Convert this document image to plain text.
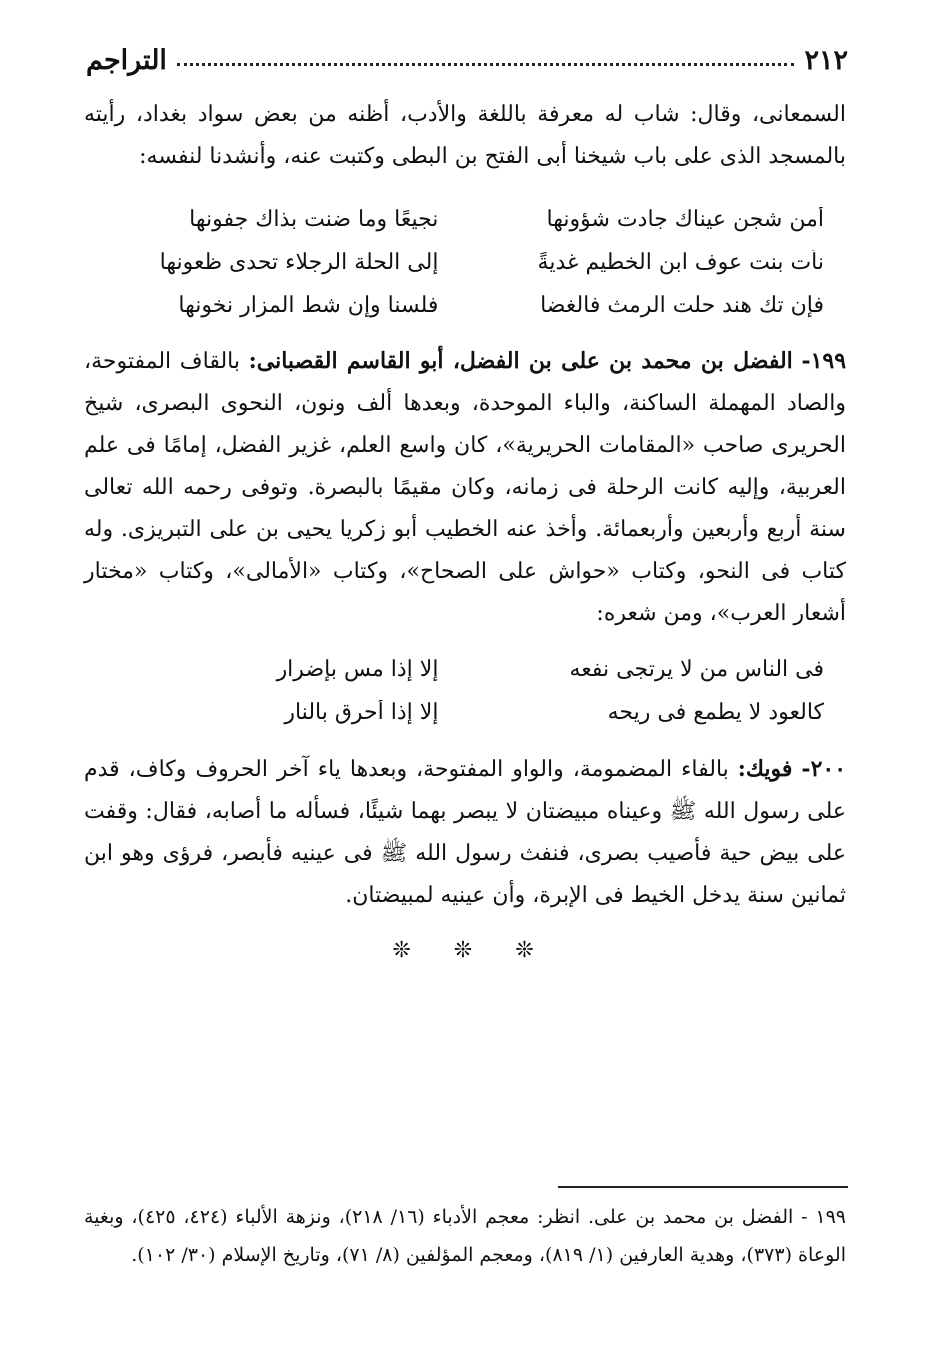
٢١٢
التراجم

السمعانى، وقال: شاب له معرفة باللغة والأدب، أظنه من بعض سواد بغداد، رأيته بالمسجد الذى على باب شيخنا أبى الفتح بن البطى وكتبت عنه، وأنشدنا لنفسه:

أمن شجن عيناك جادت شؤونها
نجيعًا وما ضنت بذاك جفونها
نأت بنت عوف ابن الخطيم غديةً
إلى الحلة الرجلاء تحدى ظعونها
فإن تك هند حلت الرمث فالغضا
فلسنا وإن شط المزار نخونها

١٩٩- الفضل بن محمد بن على بن الفضل، أبو القاسم القصبانى: بالقاف المفتوحة، والصاد المهملة الساكنة، والباء الموحدة، وبعدها ألف ونون، النحوى البصرى، شيخ الحريرى صاحب «المقامات الحريرية»، كان واسع العلم، غزير الفضل، إمامًا فى علم العربية، وإليه كانت الرحلة فى زمانه، وكان مقيمًا بالبصرة. وتوفى رحمه الله تعالى سنة أربع وأربعين وأربعمائة. وأخذ عنه الخطيب أبو زكريا يحيى بن على التبريزى. وله كتاب فى النحو، وكتاب «حواش على الصحاح»، وكتاب «الأمالى»، وكتاب «مختار أشعار العرب»، ومن شعره:

فى الناس من لا يرتجى نفعه
إلا إذا مس بإضرار
كالعود لا يطمع فى ريحه
إلا إذا أحرق بالنار

٢٠٠- فويك: بالفاء المضمومة، والواو المفتوحة، وبعدها ياء آخر الحروف وكاف، قدم على رسول الله ﷺ وعيناه مبيضتان لا يبصر بهما شيئًا، فسأله ما أصابه، فقال: وقفت على بيض حية فأصيب بصرى، فنفث رسول الله ﷺ فى عينيه فأبصر، فرؤى وهو ابن ثمانين سنة يدخل الخيط فى الإبرة، وأن عينيه لمبيضتان.

❊ ❊ ❊

١٩٩ - الفضل بن محمد بن على. انظر: معجم الأدباء (١٦/ ٢١٨)، ونزهة الألباء (٤٢٤، ٤٢٥)، وبغية الوعاة (٣٧٣)، وهدية العارفين (١/ ٨١٩)، ومعجم المؤلفين (٨/ ٧١)، وتاريخ الإسلام (٣٠/ ١٠٢).
